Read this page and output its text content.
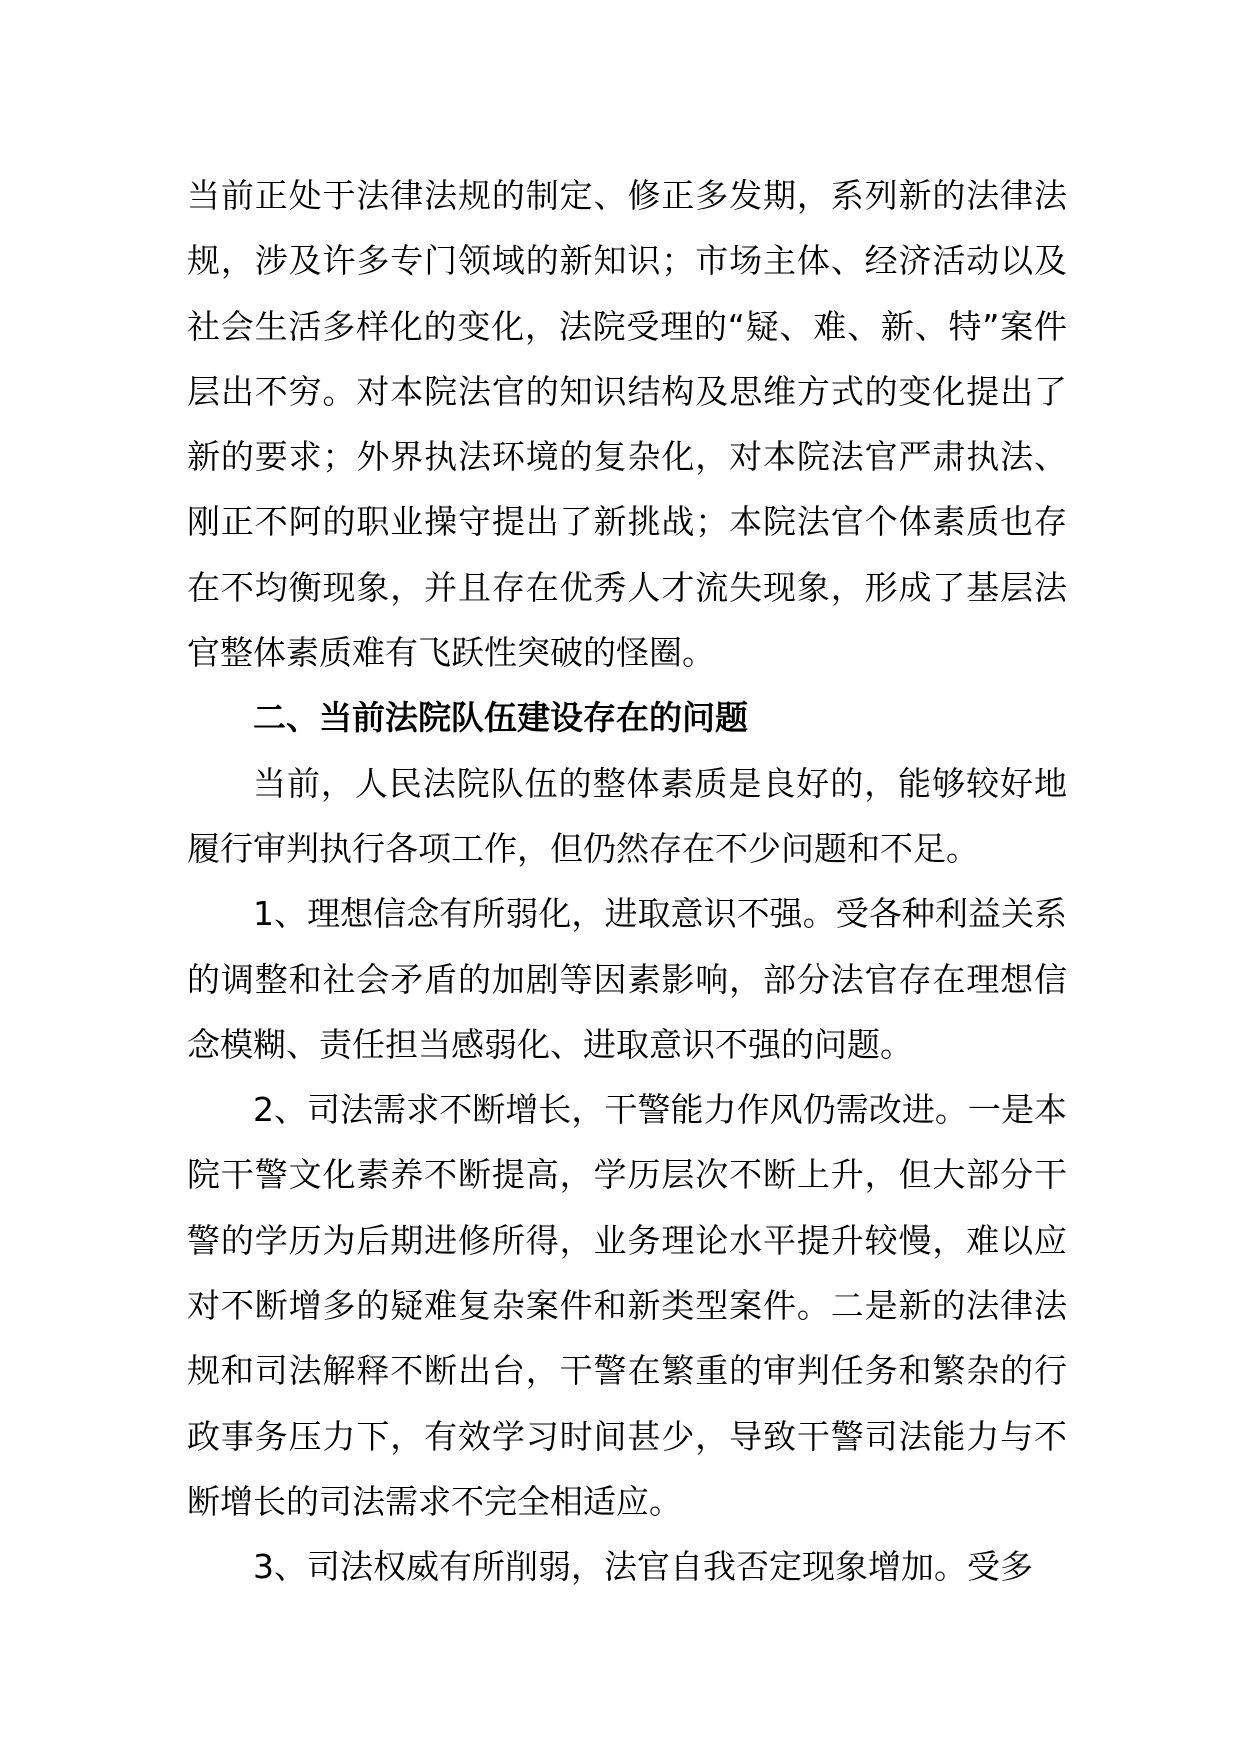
当前正处于法律法规的制定、修正多发期，系列新的法律法规，涉及许多专门领域的新知识；市场主体、经济活动以及社会生活多样化的变化，法院受理的“疑、难、新、特”案件层出不穷。对本院法官的知识结构及思维方式的变化提出了新的要求；外界执法环境的复杂化，对本院法官严肃执法、刚正不阿的职业操守提出了新挑战；本院法官个体素质也存在不均衡现象，并且存在优秀人才流失现象，形成了基层法官整体素质难有飞跃性突破的怪圈。

二、当前法院队伍建设存在的问题

当前，人民法院队伍的整体素质是良好的，能够较好地履行审判执行各项工作，但仍然存在不少问题和不足。

1、理想信念有所弱化，进取意识不强。受各种利益关系的调整和社会矛盾的加剧等因素影响，部分法官存在理想信念模糊、责任担当感弱化、进取意识不强的问题。

2、司法需求不断增长，干警能力作风仍需改进。一是本院干警文化素养不断提高，学历层次不断上升，但大部分干警的学历为后期进修所得，业务理论水平提升较慢，难以应对不断增多的疑难复杂案件和新类型案件。二是新的法律法规和司法解释不断出台，干警在繁重的审判任务和繁杂的行政事务压力下，有效学习时间甚少，导致干警司法能力与不断增长的司法需求不完全相适应。

3、司法权威有所削弱，法官自我否定现象增加。受多
